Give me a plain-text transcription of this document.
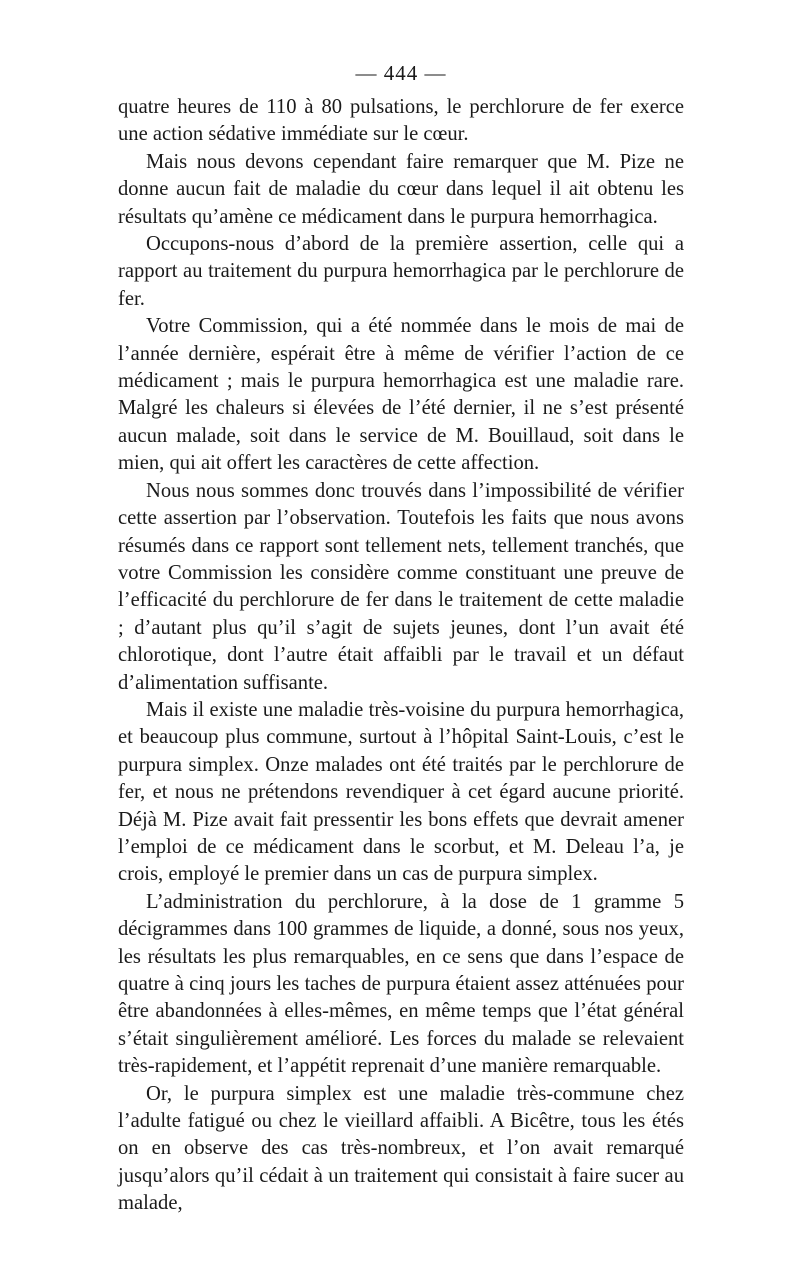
— 444 —

quatre heures de 110 à 80 pulsations, le perchlorure de fer exerce une action sédative immédiate sur le cœur.

Mais nous devons cependant faire remarquer que M. Pize ne donne aucun fait de maladie du cœur dans lequel il ait obtenu les résultats qu’amène ce médicament dans le purpura hemorrhagica.

Occupons-nous d’abord de la première assertion, celle qui a rapport au traitement du purpura hemorrhagica par le perchlorure de fer.

Votre Commission, qui a été nommée dans le mois de mai de l’année dernière, espérait être à même de vérifier l’action de ce médicament ; mais le purpura hemorrhagica est une maladie rare. Malgré les chaleurs si élevées de l’été dernier, il ne s’est présenté aucun malade, soit dans le service de M. Bouillaud, soit dans le mien, qui ait offert les caractères de cette affection.

Nous nous sommes donc trouvés dans l’impossibilité de vérifier cette assertion par l’observation. Toutefois les faits que nous avons résumés dans ce rapport sont tellement nets, tellement tranchés, que votre Commission les considère comme constituant une preuve de l’efficacité du perchlorure de fer dans le traitement de cette maladie ; d’autant plus qu’il s’agit de sujets jeunes, dont l’un avait été chlorotique, dont l’autre était affaibli par le travail et un défaut d’alimentation suffisante.

Mais il existe une maladie très-voisine du purpura hemorrhagica, et beaucoup plus commune, surtout à l’hôpital Saint-Louis, c’est le purpura simplex. Onze malades ont été traités par le perchlorure de fer, et nous ne prétendons revendiquer à cet égard aucune priorité. Déjà M. Pize avait fait pressentir les bons effets que devrait amener l’emploi de ce médicament dans le scorbut, et M. Deleau l’a, je crois, employé le premier dans un cas de purpura simplex.

L’administration du perchlorure, à la dose de 1 gramme 5 décigrammes dans 100 grammes de liquide, a donné, sous nos yeux, les résultats les plus remarquables, en ce sens que dans l’espace de quatre à cinq jours les taches de purpura étaient assez atténuées pour être abandonnées à elles-mêmes, en même temps que l’état général s’était singulièrement amélioré. Les forces du malade se relevaient très-rapidement, et l’appétit reprenait d’une manière remarquable.

Or, le purpura simplex est une maladie très-commune chez l’adulte fatigué ou chez le vieillard affaibli. A Bicêtre, tous les étés on en observe des cas très-nombreux, et l’on avait remarqué jusqu’alors qu’il cédait à un traitement qui consistait à faire sucer au malade,
